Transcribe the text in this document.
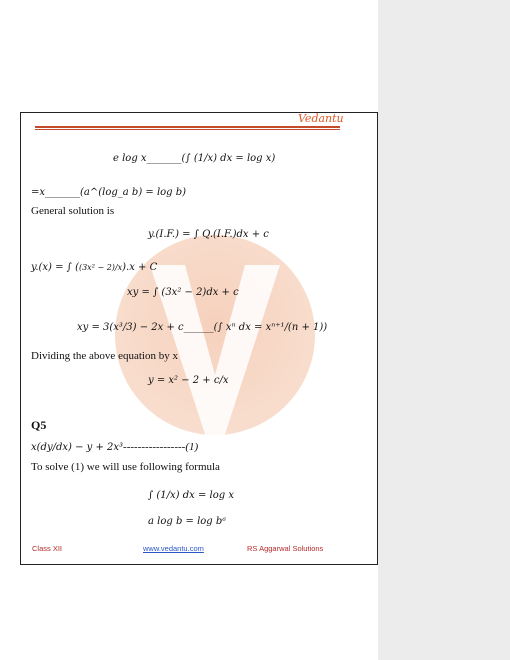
Vedantu
e log x_______(∫ (1/x) dx = log x)
=x_______(a^(log_a b) = log b)
General solution is
y.(I.F.) = ∫ Q.(I.F.)dx + c
y.(x) = ∫ ((3x² − 2)/x).x + C
xy = ∫ (3x² − 2)dx + c
xy = 3(x³/3) − 2x + c______(∫ xⁿ dx = xⁿ⁺¹/(n + 1))
Dividing the above equation by x
y = x² − 2 + c/x
Q5
x(dy/dx) − y + 2x³-----------------(1)
To solve (1) we will use following formula
∫ (1/x) dx = log x
a log b = log bᵃ
Class XII	www.vedantu.com	RS Aggarwal Solutions
